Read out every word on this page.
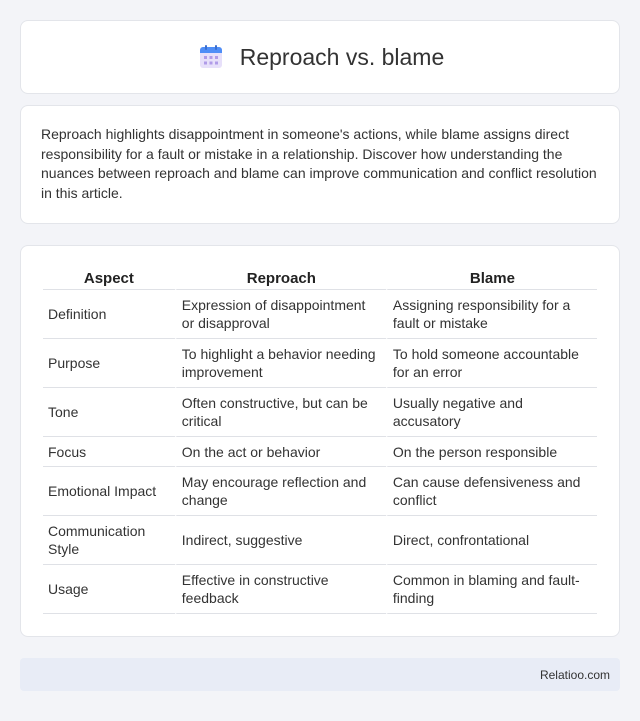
Reproach vs. blame

Reproach highlights disappointment in someone's actions, while blame assigns direct responsibility for a fault or mistake in a relationship. Discover how understanding the nuances between reproach and blame can improve communication and conflict resolution in this article.

Aspect	Reproach	Blame
Definition	Expression of disappointment or disapproval	Assigning responsibility for a fault or mistake
Purpose	To highlight a behavior needing improvement	To hold someone accountable for an error
Tone	Often constructive, but can be critical	Usually negative and accusatory
Focus	On the act or behavior	On the person responsible
Emotional Impact	May encourage reflection and change	Can cause defensiveness and conflict
Communication Style	Indirect, suggestive	Direct, confrontational
Usage	Effective in constructive feedback	Common in blaming and fault-finding
Relatioo.com
